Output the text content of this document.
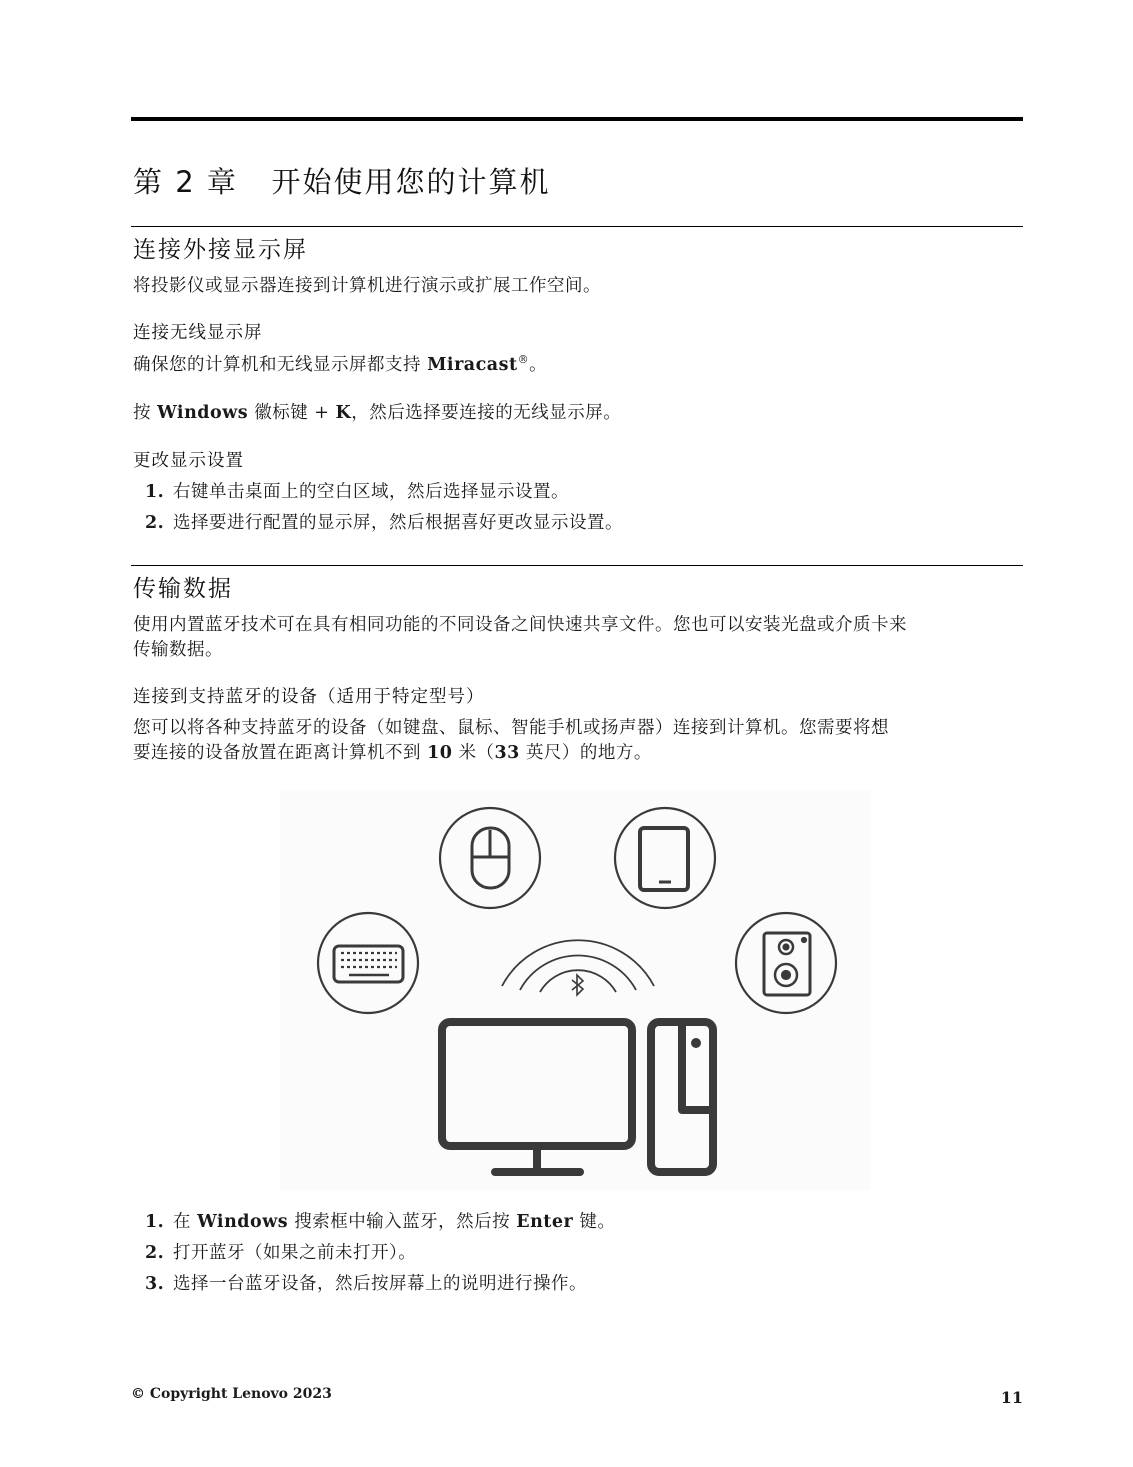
第 2 章   开始使用您的计算机
连接外接显示屏
将投影仪或显示器连接到计算机进行演示或扩展工作空间。
连接无线显示屏
确保您的计算机和无线显示屏都支持 Miracast®。
按 Windows 徽标键 + K，然后选择要连接的无线显示屏。
更改显示设置
1. 右键单击桌面上的空白区域，然后选择显示设置。
2. 选择要进行配置的显示屏，然后根据喜好更改显示设置。
传输数据
使用内置蓝牙技术可在具有相同功能的不同设备之间快速共享文件。您也可以安装光盘或介质卡来
传输数据。
连接到支持蓝牙的设备（适用于特定型号）
您可以将各种支持蓝牙的设备（如键盘、鼠标、智能手机或扬声器）连接到计算机。您需要将想
要连接的设备放置在距离计算机不到 10 米（33 英尺）的地方。
1. 在 Windows 搜索框中输入蓝牙，然后按 Enter 键。
2. 打开蓝牙（如果之前未打开）。
3. 选择一台蓝牙设备，然后按屏幕上的说明进行操作。
© Copyright Lenovo 2023	11
